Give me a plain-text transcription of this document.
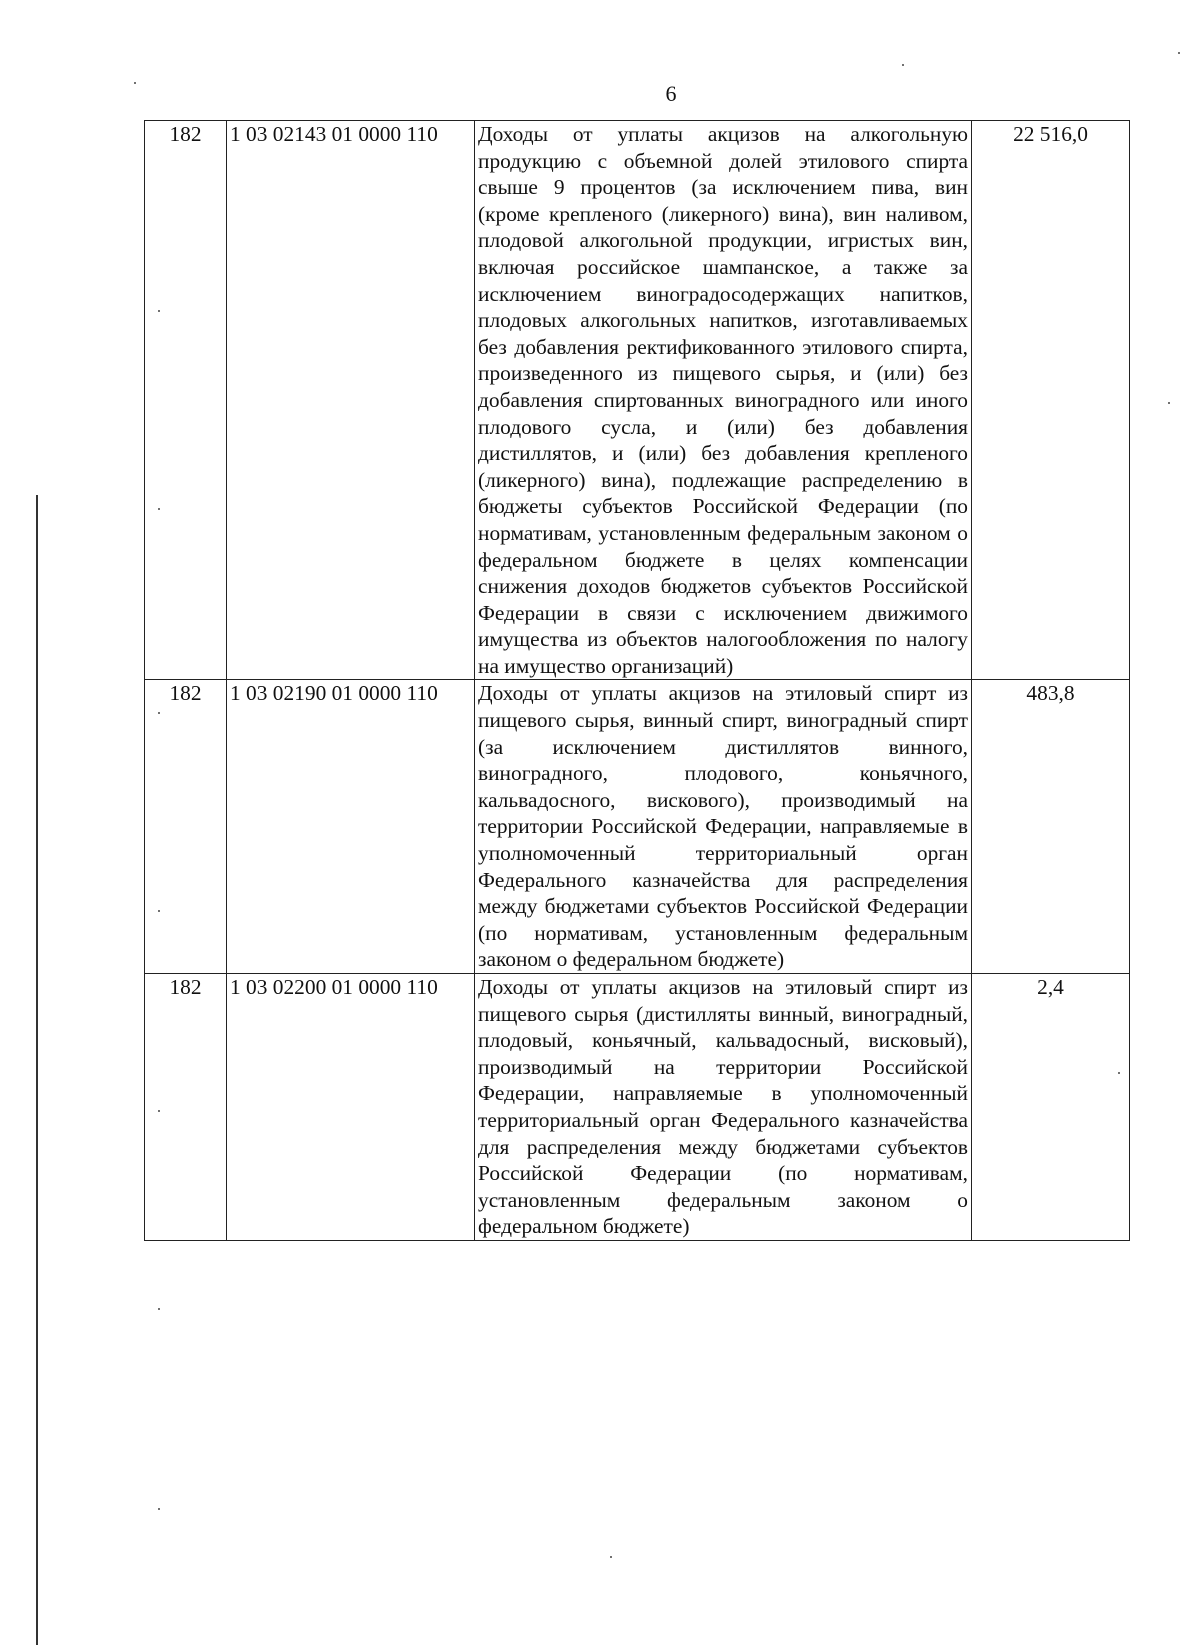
6
182	1 03 02143 01 0000 110	Доходы от уплаты акцизов на алкогольную продукцию с объемной долей этилового спирта свыше 9 процентов (за исключением пива, вин (кроме крепленого (ликерного) вина), вин наливом, плодовой алкогольной продукции, игристых вин, включая российское шампанское, а также за исключением виноградосодержащих напитков, плодовых алкогольных напитков, изготавливаемых без добавления ректификованного этилового спирта, произведенного из пищевого сырья, и (или) без добавления спиртованных виноградного или иного плодового сусла, и (или) без добавления дистиллятов, и (или) без добавления крепленого (ликерного) вина), подлежащие распределению в бюджеты субъектов Российской Федерации (по нормативам, установленным федеральным законом о федеральном бюджете в целях компенсации снижения доходов бюджетов субъектов Российской Федерации в связи с исключением движимого имущества из объектов налогообложения по налогу на имущество организаций)	22 516,0
182	1 03 02190 01 0000 110	Доходы от уплаты акцизов на этиловый спирт из пищевого сырья, винный спирт, виноградный спирт (за исключением дистиллятов винного, виноградного, плодового, коньячного, кальвадосного, вискового), производимый на территории Российской Федерации, направляемые в уполномоченный территориальный орган Федерального казначейства для распределения между бюджетами субъектов Российской Федерации (по нормативам, установленным федеральным законом о федеральном бюджете)	483,8
182	1 03 02200 01 0000 110	Доходы от уплаты акцизов на этиловый спирт из пищевого сырья (дистилляты винный, виноградный, плодовый, коньячный, кальвадосный, висковый), производимый на территории Российской Федерации, направляемые в уполномоченный территориальный орган Федерального казначейства для распределения между бюджетами субъектов Российской Федерации (по нормативам, установленным федеральным законом о федеральном бюджете)	2,4
